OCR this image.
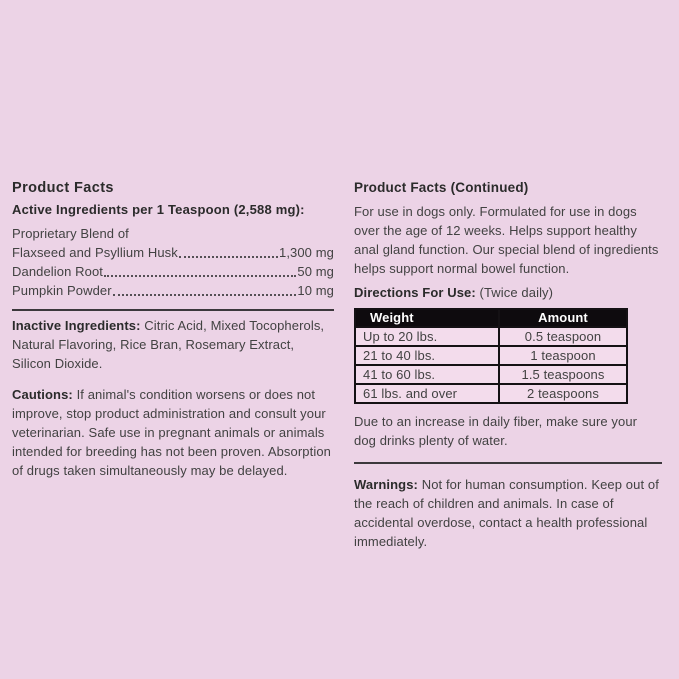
Product Facts
Active Ingredients per 1 Teaspoon (2,588 mg):

Proprietary Blend of

Flaxseed and Psyllium Husk	1,300 mg
Dandelion Root	50 mg
Pumpkin Powder	10 mg

Inactive Ingredients: Citric Acid, Mixed Tocopherols, Natural Flavoring, Rice Bran, Rosemary Extract, Silicon Dioxide.

Cautions: If animal's condition worsens or does not improve, stop product administration and consult your veterinarian. Safe use in pregnant animals or animals intended for breeding has not been proven. Absorption of drugs taken simultaneously may be delayed.

Product Facts (Continued)

For use in dogs only. Formulated for use in dogs over the age of 12 weeks. Helps support healthy anal gland function. Our special blend of ingredients helps support normal bowel function.

Directions For Use: (Twice daily)

Weight	Amount
Up to 20 lbs.	0.5 teaspoon
21 to 40 lbs.	1 teaspoon
41 to 60 lbs.	1.5 teaspoons
61 lbs. and over	2 teaspoons

Due to an increase in daily fiber, make sure your dog drinks plenty of water.

Warnings: Not for human consumption. Keep out of the reach of children and animals. In case of accidental overdose, contact a health professional immediately.
